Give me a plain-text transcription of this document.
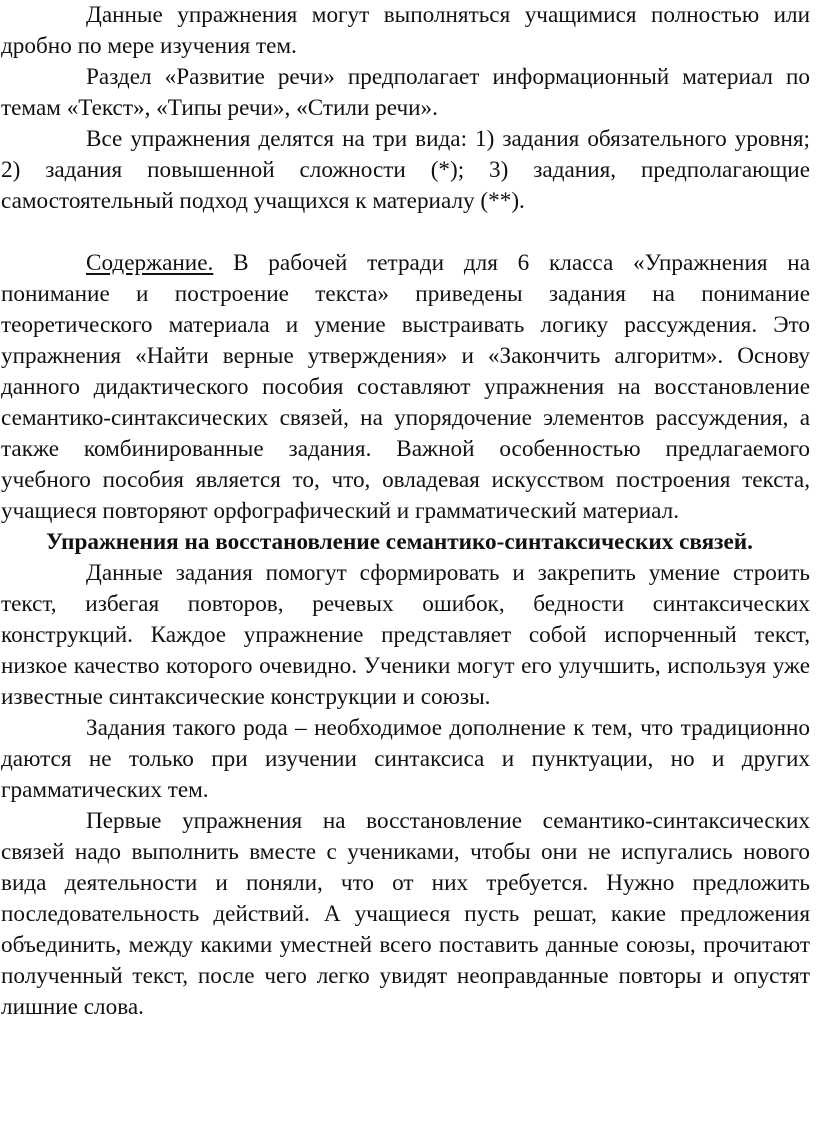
Данные упражнения могут выполняться учащимися полностью или дробно по мере изучения тем.

Раздел «Развитие речи» предполагает информационный материал по темам «Текст», «Типы речи», «Стили речи».

Все упражнения делятся на три вида: 1) задания обязательного уровня; 2) задания повышенной сложности (*); 3) задания, предполагающие самостоятельный подход учащихся к материалу (**).

Содержание. В рабочей тетради для 6 класса «Упражнения на понимание и построение текста» приведены задания на понимание теоретического материала и умение выстраивать логику рассуждения. Это упражнения «Найти верные утверждения» и «Закончить алгоритм». Основу данного дидактического пособия составляют упражнения на восстановление семантико-синтаксических связей, на упорядочение элементов рассуждения, а также комбинированные задания. Важной особенностью предлагаемого учебного пособия является то, что, овладевая искусством построения текста, учащиеся повторяют орфографический и грамматический материал.

Упражнения на восстановление семантико-синтаксических связей.

Данные задания помогут сформировать и закрепить умение строить текст, избегая повторов, речевых ошибок, бедности синтаксических конструкций. Каждое упражнение представляет собой испорченный текст, низкое качество которого очевидно. Ученики могут его улучшить, используя уже известные синтаксические конструкции и союзы.

Задания такого рода – необходимое дополнение к тем, что традиционно даются не только при изучении синтаксиса и пунктуации, но и других грамматических тем.

Первые упражнения на восстановление семантико-синтаксических связей надо выполнить вместе с учениками, чтобы они не испугались нового вида деятельности и поняли, что от них требуется. Нужно предложить последовательность действий. А учащиеся пусть решат, какие предложения объединить, между какими уместней всего поставить данные союзы, прочитают полученный текст, после чего легко увидят неоправданные повторы и опустят лишние слова.
